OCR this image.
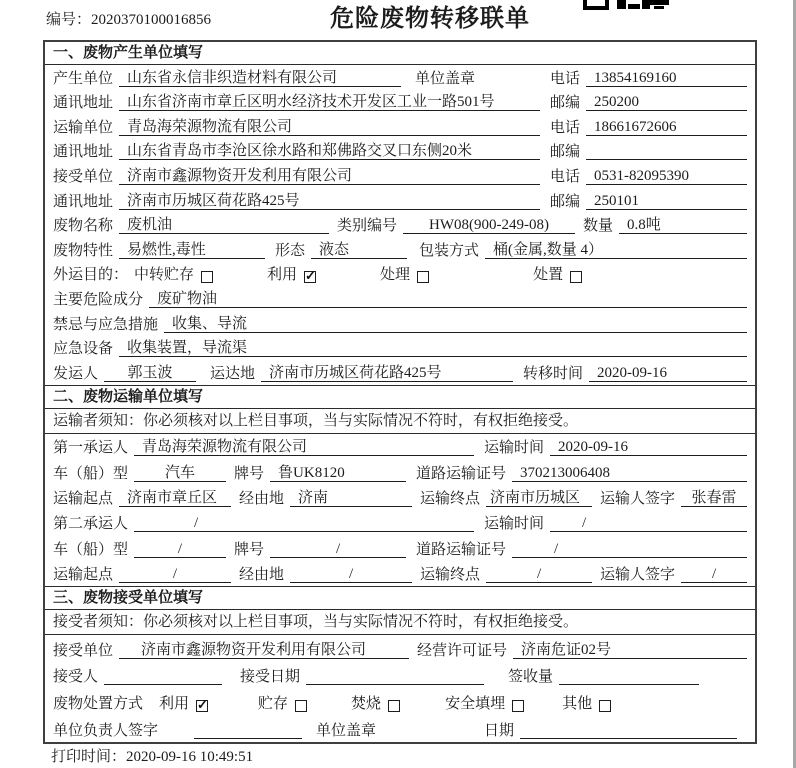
编号：2020370100016856	危险废物转移联单
一、废物产生单位填写
产生单位 山东省永信非织造材料有限公司	单位盖章	电话 13854169160
通讯地址 山东省济南市章丘区明水经济技术开发区工业一路501号	邮编 250200
运输单位 青岛海荣源物流有限公司	电话 18661672606
通讯地址 山东省青岛市李沧区徐水路和郑佛路交叉口东侧20米	邮编
接受单位 济南市鑫源物资开发利用有限公司	电话 0531-82095390
通讯地址 济南市历城区荷花路425号	邮编 250101
废物名称 废机油	类别编号	HW08(900-249-08)	数量 0.8吨
废物特性 易燃性,毒性	形态 液态	包装方式 桶(金属,数量 4）
外运目的： 中转贮存	利用 ✓	处理	处置
主要危险成分 废矿物油
禁忌与应急措施 收集、导流
应急设备 收集装置，导流渠
发运人	郭玉波	运达地 济南市历城区荷花路425号	转移时间 2020-09-16
二、废物运输单位填写
运输者须知：你必须核对以上栏目事项，当与实际情况不符时，有权拒绝接受。
第一承运人 青岛海荣源物流有限公司	运输时间 2020-09-16
车（船）型	汽车	牌号 鲁UK8120	道路运输证号 370213006408
运输起点 济南市章丘区	经由地 济南	运输终点 济南市历城区	运输人签字	张春雷
第二承运人	/	运输时间	/
车（船）型	/	牌号	/	道路运输证号	/
运输起点	/	经由地	/	运输终点	/	运输人签字	/
三、废物接受单位填写
接受者须知：你必须核对以上栏目事项，当与实际情况不符时，有权拒绝接受。
接受单位	济南市鑫源物资开发利用有限公司	经营许可证号 济南危证02号
接受人	接受日期	签收量
废物处置方式 利用 ✓	贮存	焚烧	安全填埋	其他
单位负责人签字	单位盖章	日期
打印时间：2020-09-16 10:49:51
